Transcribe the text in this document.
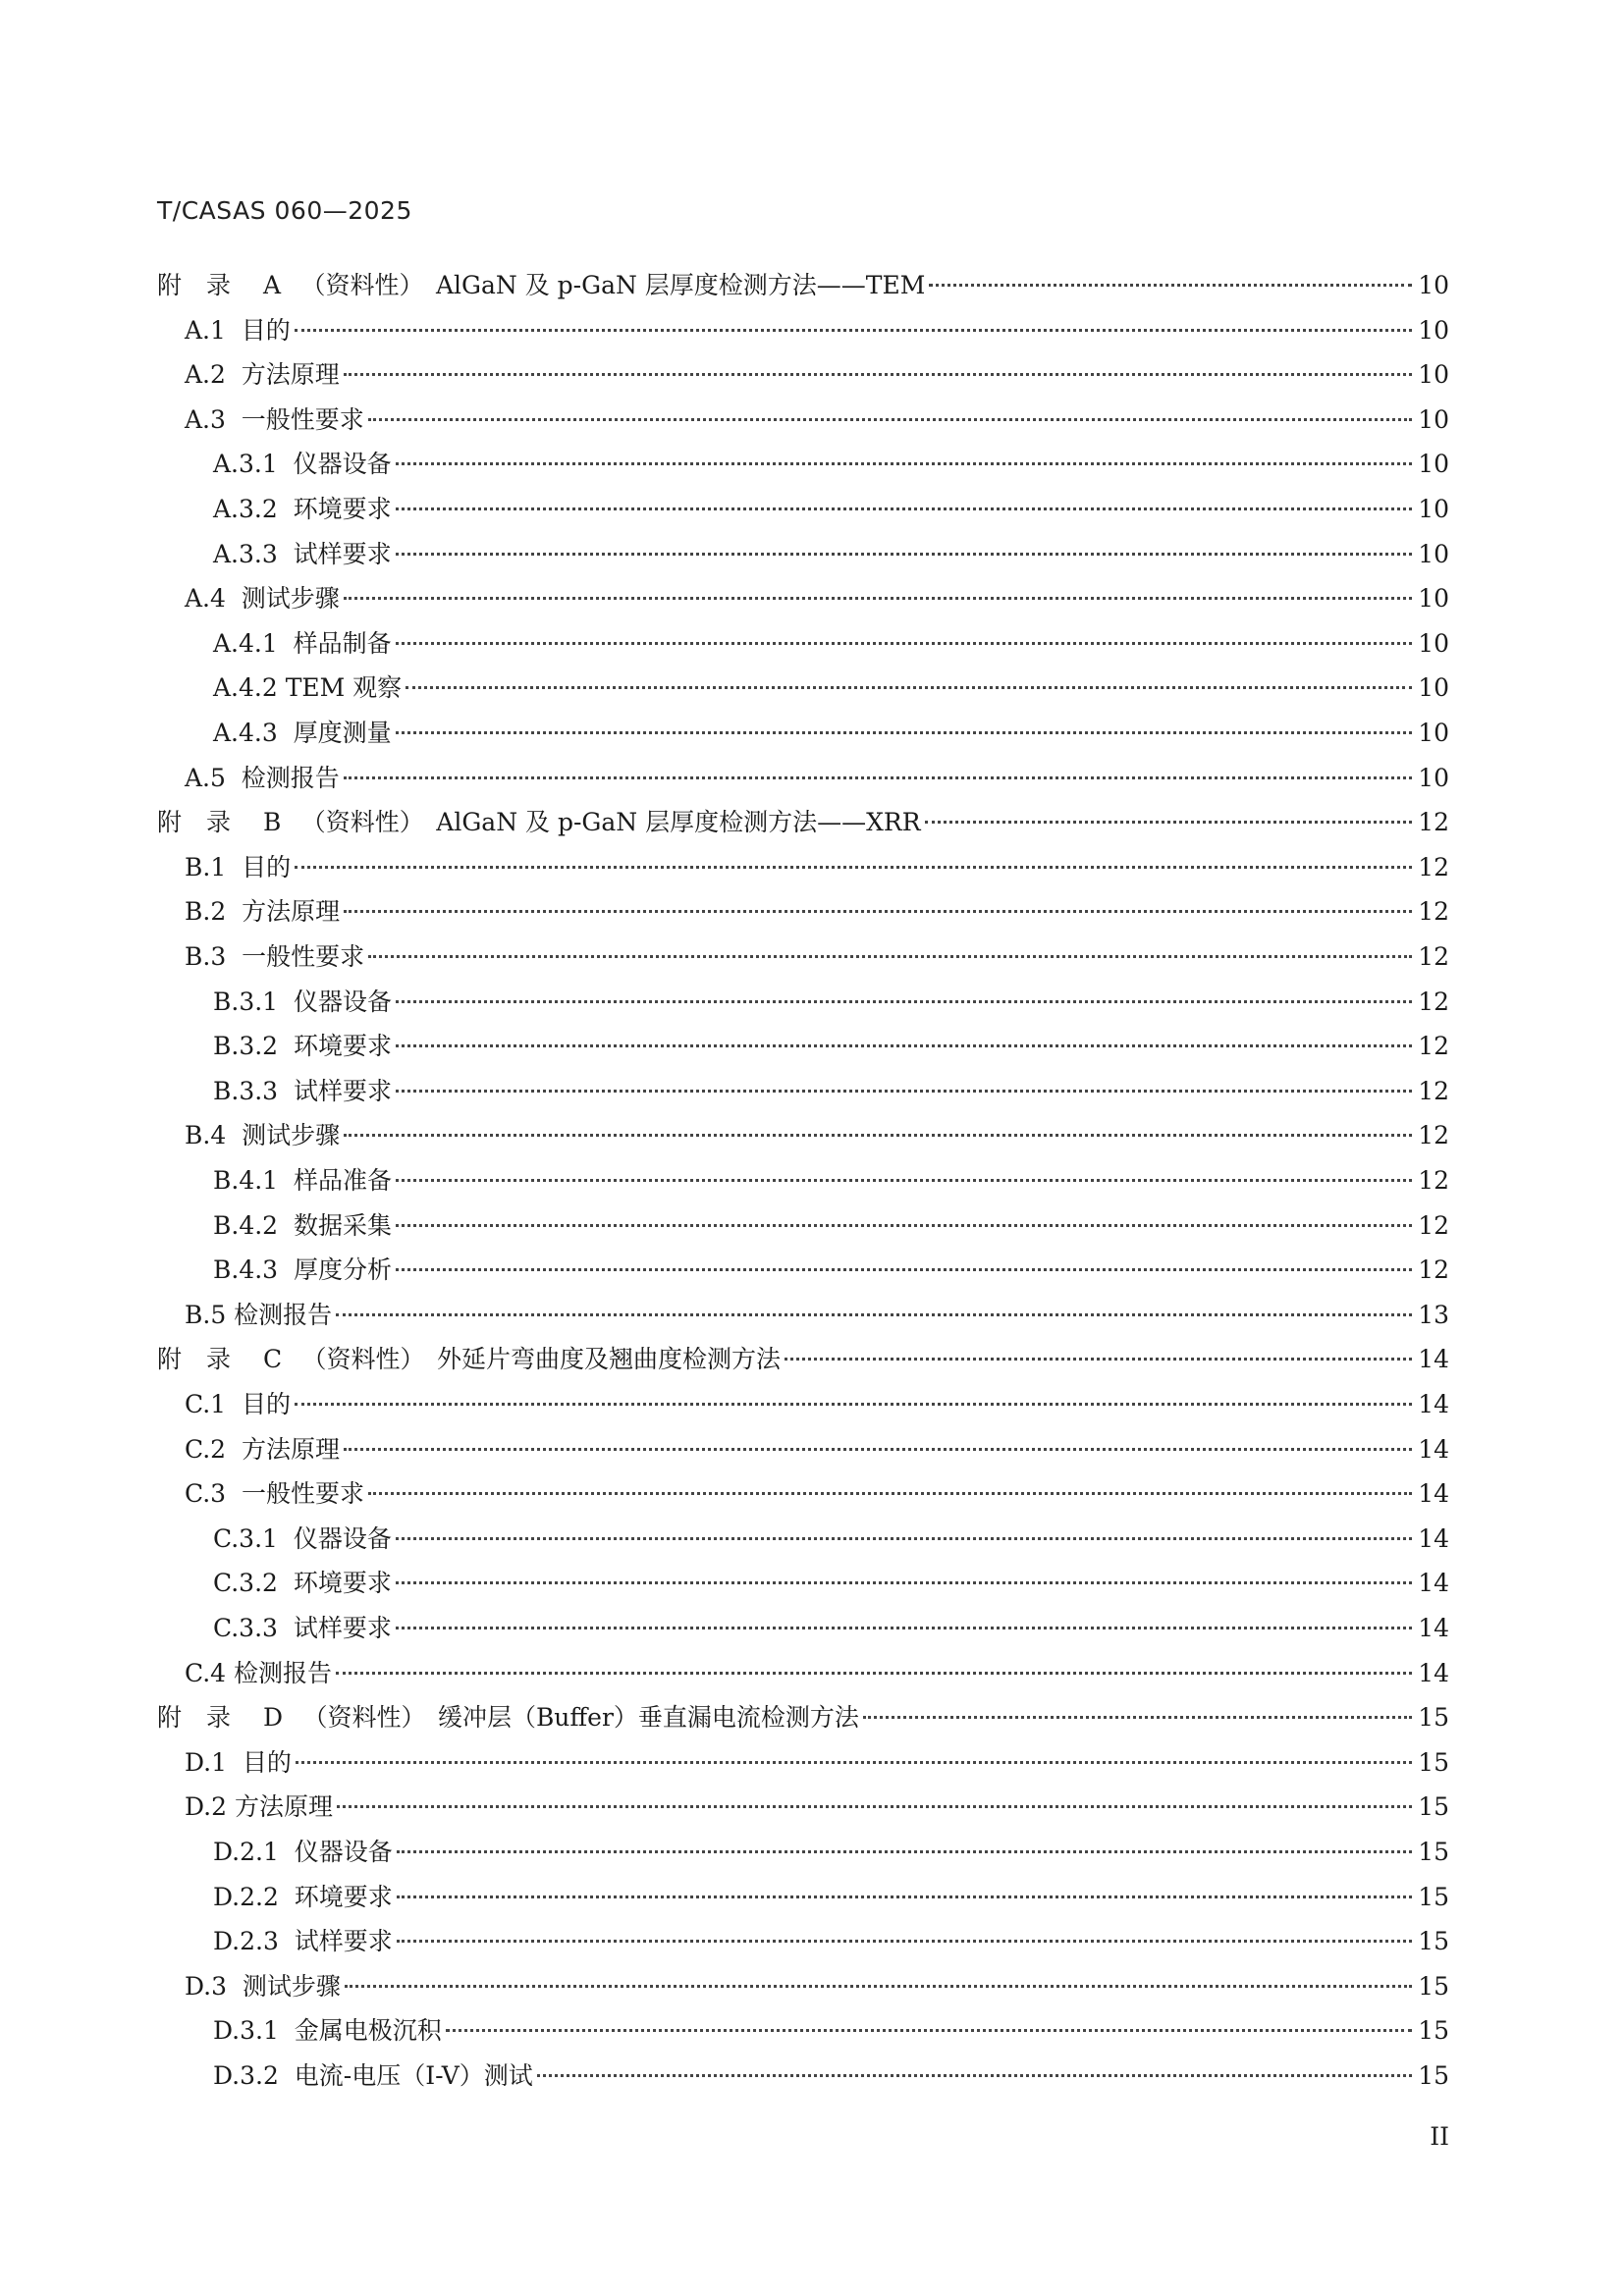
T/CASAS 060—2025
附　录　 A 　（资料性）　AlGaN 及 p-GaN 层厚度检测方法——TEM	10
A.1  目的	10
A.2  方法原理	10
A.3  一般性要求	10
A.3.1  仪器设备	10
A.3.2  环境要求	10
A.3.3  试样要求	10
A.4  测试步骤	10
A.4.1  样品制备	10
A.4.2 TEM 观察	10
A.4.3  厚度测量	10
A.5  检测报告	10
附　录　 B 　（资料性）　AlGaN 及 p-GaN 层厚度检测方法——XRR	12
B.1  目的	12
B.2  方法原理	12
B.3  一般性要求	12
B.3.1  仪器设备	12
B.3.2  环境要求	12
B.3.3  试样要求	12
B.4  测试步骤	12
B.4.1  样品准备	12
B.4.2  数据采集	12
B.4.3  厚度分析	12
B.5 检测报告	13
附　录　 C 　（资料性）　外延片弯曲度及翘曲度检测方法	14
C.1  目的	14
C.2  方法原理	14
C.3  一般性要求	14
C.3.1  仪器设备	14
C.3.2  环境要求	14
C.3.3  试样要求	14
C.4 检测报告	14
附　录　 D 　（资料性）　缓冲层（Buffer）垂直漏电流检测方法	15
D.1  目的	15
D.2 方法原理	15
D.2.1  仪器设备	15
D.2.2  环境要求	15
D.2.3  试样要求	15
D.3  测试步骤	15
D.3.1  金属电极沉积	15
D.3.2  电流-电压（I-V）测试	15
II
